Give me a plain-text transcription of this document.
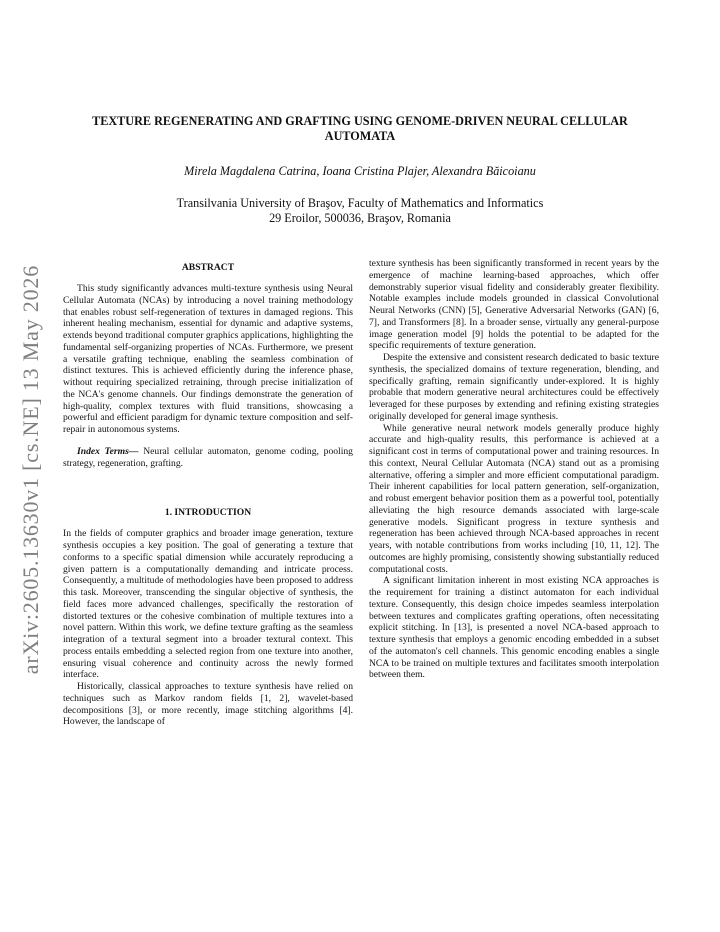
arXiv:2605.13630v1 [cs.NE] 13 May 2026
TEXTURE REGENERATING AND GRAFTING USING GENOME-DRIVEN NEURAL CELLULAR AUTOMATA
Mirela Magdalena Catrina, Ioana Cristina Plajer, Alexandra Băicoianu
Transilvania University of Braşov, Faculty of Mathematics and Informatics
29 Eroilor, 500036, Braşov, Romania
ABSTRACT

This study significantly advances multi-texture synthesis using Neural Cellular Automata (NCAs) by introducing a novel training methodology that enables robust self-regeneration of textures in damaged regions. This inherent healing mechanism, essential for dynamic and adaptive systems, extends beyond traditional computer graphics applications, highlighting the fundamental self-organizing properties of NCAs. Furthermore, we present a versatile grafting technique, enabling the seamless combination of distinct textures. This is achieved efficiently during the inference phase, without requiring specialized retraining, through precise initialization of the NCA's genome channels. Our findings demonstrate the generation of high-quality, complex textures with fluid transitions, showcasing a powerful and efficient paradigm for dynamic texture composition and self-repair in autonomous systems.

Index Terms— Neural cellular automaton, genome coding, pooling strategy, regeneration, grafting.

1. INTRODUCTION

In the fields of computer graphics and broader image generation, texture synthesis occupies a key position. The goal of generating a texture that conforms to a specific spatial dimension while accurately reproducing a given pattern is a computationally demanding and intricate process. Consequently, a multitude of methodologies have been proposed to address this task. Moreover, transcending the singular objective of synthesis, the field faces more advanced challenges, specifically the restoration of distorted textures or the cohesive combination of multiple textures into a novel pattern. Within this work, we define texture grafting as the seamless integration of a textural segment into a broader textural context. This process entails embedding a selected region from one texture into another, ensuring visual coherence and continuity across the newly formed interface.

Historically, classical approaches to texture synthesis have relied on techniques such as Markov random fields [1, 2], wavelet-based decompositions [3], or more recently, image stitching algorithms [4]. However, the landscape of

texture synthesis has been significantly transformed in recent years by the emergence of machine learning-based approaches, which offer demonstrably superior visual fidelity and considerably greater flexibility. Notable examples include models grounded in classical Convolutional Neural Networks (CNN) [5], Generative Adversarial Networks (GAN) [6, 7], and Transformers [8]. In a broader sense, virtually any general-purpose image generation model [9] holds the potential to be adapted for the specific requirements of texture generation.

Despite the extensive and consistent research dedicated to basic texture synthesis, the specialized domains of texture regeneration, blending, and specifically grafting, remain significantly under-explored. It is highly probable that modern generative neural architectures could be effectively leveraged for these purposes by extending and refining existing strategies originally developed for general image synthesis.

While generative neural network models generally produce highly accurate and high-quality results, this performance is achieved at a significant cost in terms of computational power and training resources. In this context, Neural Cellular Automata (NCA) stand out as a promising alternative, offering a simpler and more efficient computational paradigm. Their inherent capabilities for local pattern generation, self-organization, and robust emergent behavior position them as a powerful tool, potentially alleviating the high resource demands associated with large-scale generative models. Significant progress in texture synthesis and regeneration has been achieved through NCA-based approaches in recent years, with notable contributions from works including [10, 11, 12]. The outcomes are highly promising, consistently showing substantially reduced computational costs.

A significant limitation inherent in most existing NCA approaches is the requirement for training a distinct automaton for each individual texture. Consequently, this design choice impedes seamless interpolation between textures and complicates grafting operations, often necessitating explicit stitching. In [13], is presented a novel NCA-based approach to texture synthesis that employs a genomic encoding embedded in a subset of the automaton's cell channels. This genomic encoding enables a single NCA to be trained on multiple textures and facilitates smooth interpolation between them.
